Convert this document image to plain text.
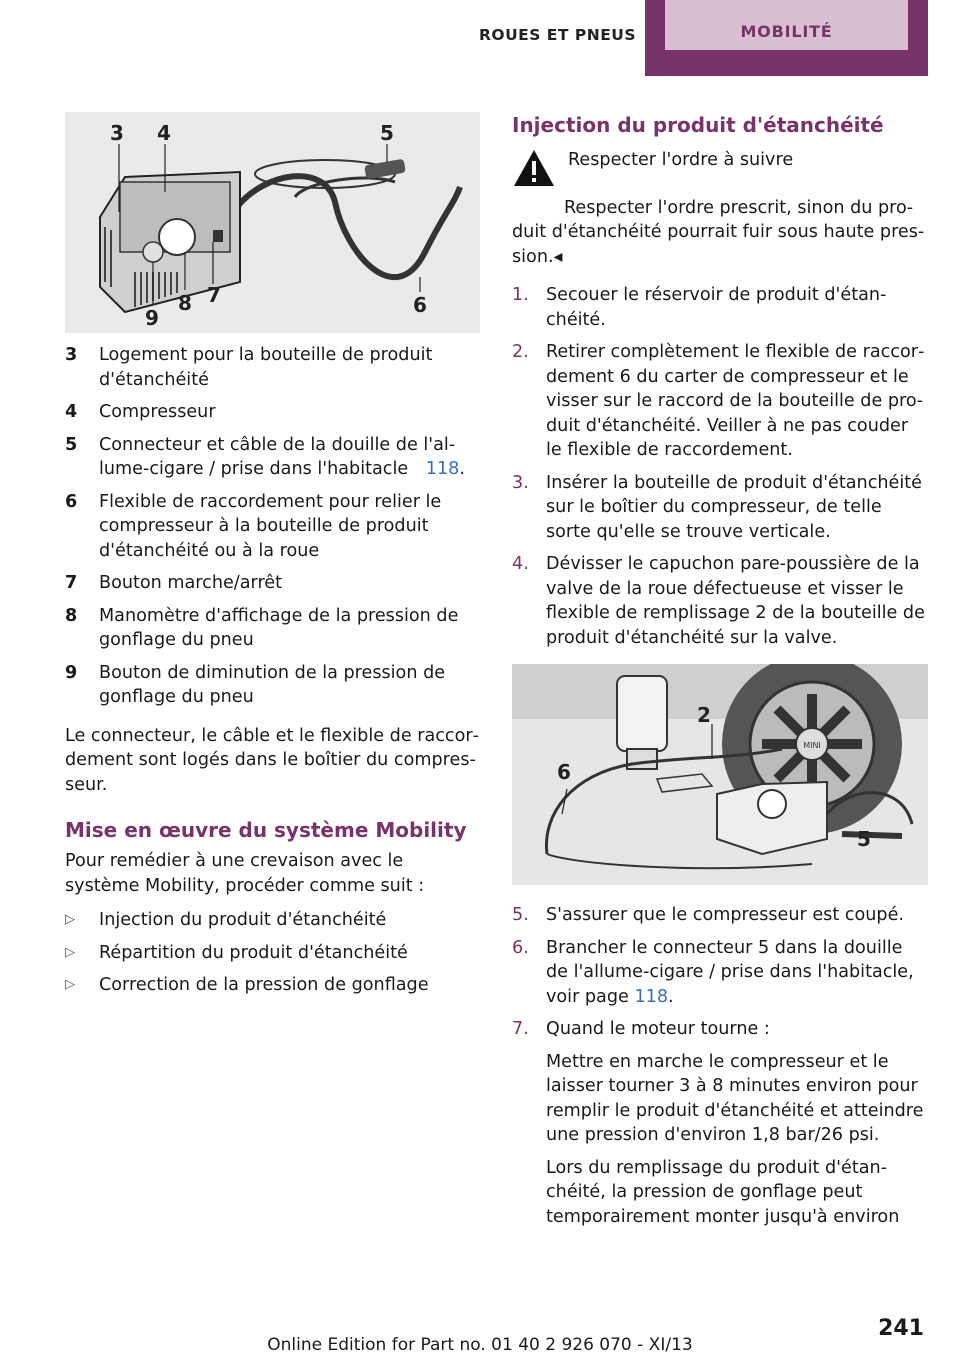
ROUES ET PNEUS	MOBILITÉ
3 4	5
6
7
8
9
3	Logement pour la bouteille de produit d'étanchéité
4	Compresseur
5	Connecteur et câble de la douille de l'allume-cigare / prise dans l'habitacle   118.
6	Flexible de raccordement pour relier le compresseur à la bouteille de produit d'étanchéité ou à la roue
7	Bouton marche/arrêt
8	Manomètre d'affichage de la pression de gonflage du pneu
9	Bouton de diminution de la pression de gonflage du pneu

Le connecteur, le câble et le flexible de raccordement sont logés dans le boîtier du compresseur.

Mise en œuvre du système Mobility
Pour remédier à une crevaison avec le système Mobility, procéder comme suit :
▷	Injection du produit d'étanchéité
▷	Répartition du produit d'étanchéité
▷	Correction de la pression de gonflage
Injection du produit d'étanchéité
Respecter l'ordre à suivre
Respecter l'ordre prescrit, sinon du produit d'étanchéité pourrait fuir sous haute pression.◂
1. Secouer le réservoir de produit d'étanchéité.
2. Retirer complètement le flexible de raccordement 6 du carter de compresseur et le visser sur le raccord de la bouteille de produit d'étanchéité. Veiller à ne pas couder le flexible de raccordement.
3. Insérer la bouteille de produit d'étanchéité sur le boîtier du compresseur, de telle sorte qu'elle se trouve verticale.
4. Dévisser le capuchon pare-poussière de la valve de la roue défectueuse et visser le flexible de remplissage 2 de la bouteille de produit d'étanchéité sur la valve.
MINI
2
6
5
5. S'assurer que le compresseur est coupé.
6. Brancher le connecteur 5 dans la douille de l'allume-cigare / prise dans l'habitacle, voir page 118.
7. Quand le moteur tourne :
Mettre en marche le compresseur et le laisser tourner 3 à 8 minutes environ pour remplir le produit d'étanchéité et atteindre une pression d'environ 1,8 bar/26 psi.
Lors du remplissage du produit d'étanchéité, la pression de gonflage peut temporairement monter jusqu'à environ
241
Online Edition for Part no. 01 40 2 926 070 - XI/13
